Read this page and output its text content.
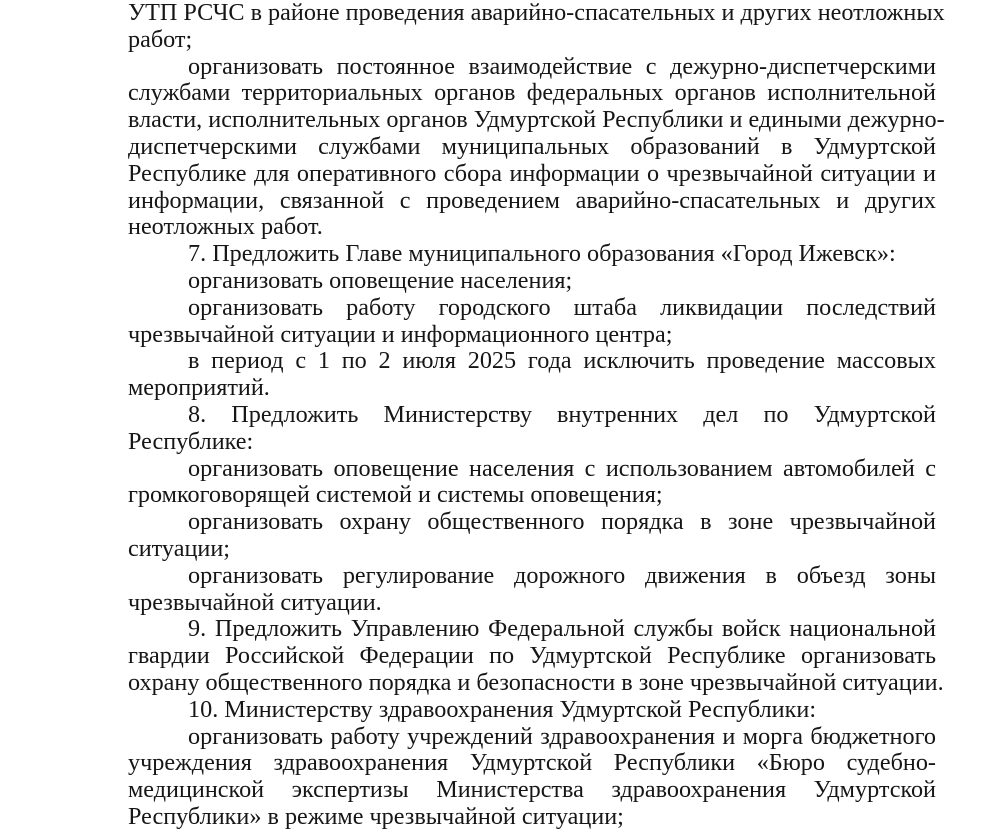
УТП РСЧС в районе проведения аварийно-спасательных и других неотложных
работ;
организовать постоянное взаимодействие с дежурно-диспетчерскими
службами территориальных органов федеральных органов исполнительной
власти, исполнительных органов Удмуртской Республики и едиными дежурно-
диспетчерскими службами муниципальных образований в Удмуртской
Республике для оперативного сбора информации о чрезвычайной ситуации и
информации, связанной с проведением аварийно-спасательных и других
неотложных работ.
7. Предложить Главе муниципального образования «Город Ижевск»:
организовать оповещение населения;
организовать работу городского штаба ликвидации последствий
чрезвычайной ситуации и информационного центра;
в период с 1 по 2 июля 2025 года исключить проведение массовых
мероприятий.
8. Предложить Министерству внутренних дел по Удмуртской
Республике:
организовать оповещение населения с использованием автомобилей с
громкоговорящей системой и системы оповещения;
организовать охрану общественного порядка в зоне чрезвычайной
ситуации;
организовать регулирование дорожного движения в объезд зоны
чрезвычайной ситуации.
9. Предложить Управлению Федеральной службы войск национальной
гвардии Российской Федерации по Удмуртской Республике организовать
охрану общественного порядка и безопасности в зоне чрезвычайной ситуации.
10. Министерству здравоохранения Удмуртской Республики:
организовать работу учреждений здравоохранения и морга бюджетного
учреждения здравоохранения Удмуртской Республики «Бюро судебно-
медицинской экспертизы Министерства здравоохранения Удмуртской
Республики» в режиме чрезвычайной ситуации;
